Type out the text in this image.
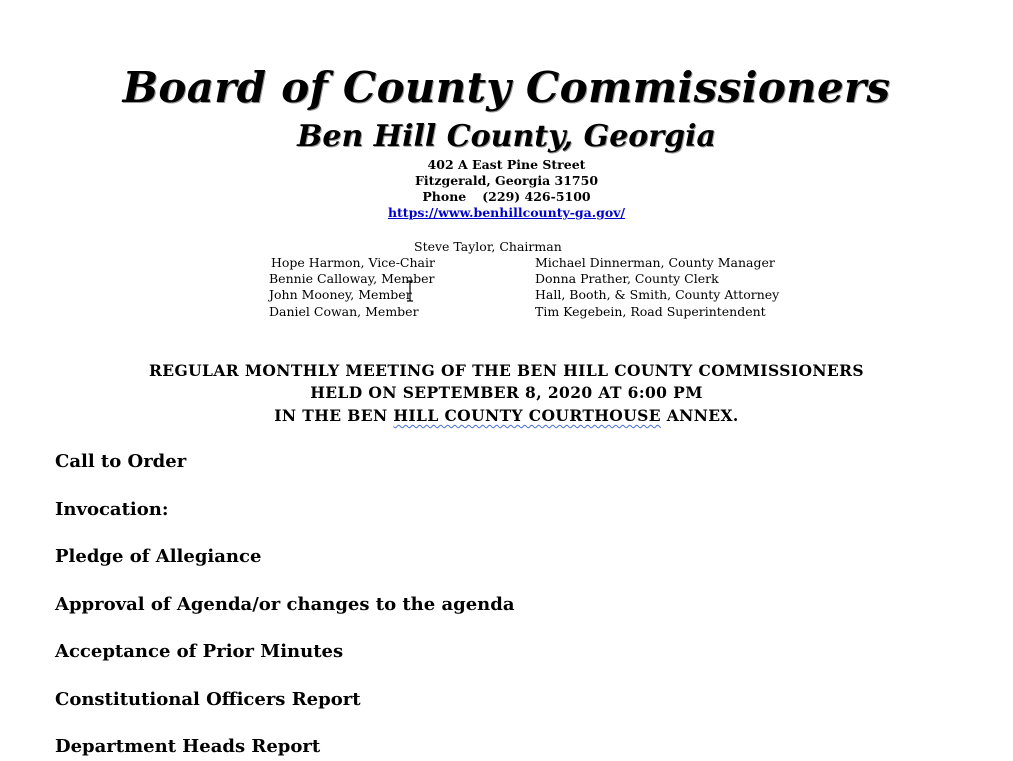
Board of County Commissioners
Ben Hill County, Georgia
402 A East Pine Street
Fitzgerald, Georgia 31750
Phone (229) 426-5100
https://www.benhillcounty-ga.gov/
Steve Taylor, Chairman
Hope Harmon, Vice-Chair
Bennie Calloway, Member
John Mooney, Member
Daniel Cowan, Member
Michael Dinnerman, County Manager
Donna Prather, County Clerk
Hall, Booth, & Smith, County Attorney
Tim Kegebein, Road Superintendent
REGULAR MONTHLY MEETING OF THE BEN HILL COUNTY COMMISSIONERS
HELD ON SEPTEMBER 8, 2020 AT 6:00 PM
IN THE BEN HILL COUNTY COURTHOUSE ANNEX.
Call to Order
Invocation:
Pledge of Allegiance
Approval of Agenda/or changes to the agenda
Acceptance of Prior Minutes
Constitutional Officers Report
Department Heads Report
